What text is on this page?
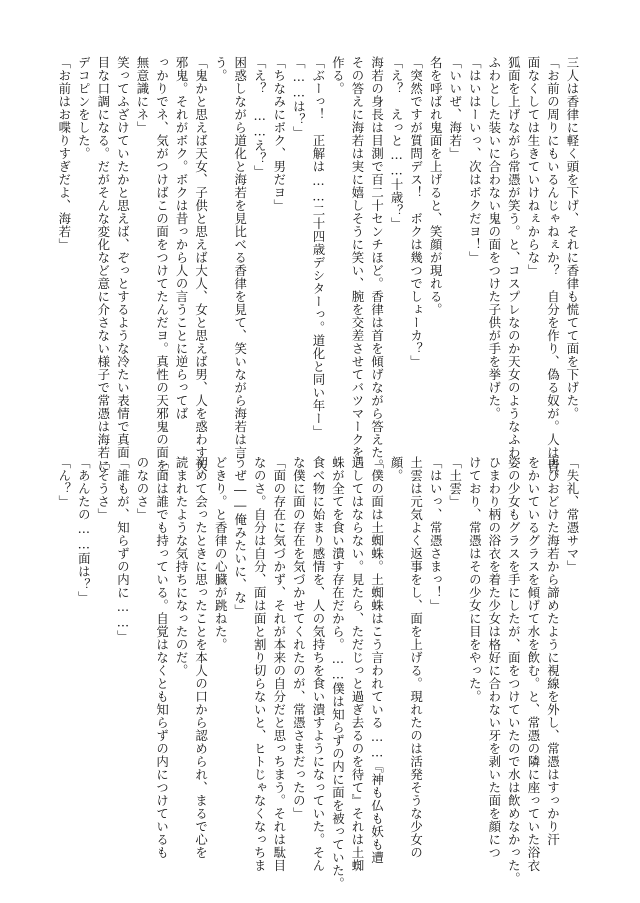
三人は香律に軽く頭を下げ、それに香律も慌てて面を下げた。

「お前の周りにもいるんじゃねぇか？　自分を作り、偽る奴が。人は皆、

面なくしては生きていけねぇからな」

狐面を上げながら常憑が笑う。と、コスプレなのか天女のようなふわ

ふわとした装いに合わない鬼の面をつけた子供が手を挙げた。

「はいはーいっ、次はボクだヨ！」

「いいぜ、海若」

名を呼ばれ鬼面を上げると、笑顔が現れる。

「突然ですが質問デス！　ボクは幾つでしょーカ？」

「え？　えっと……十歳？」

海若の身長は目測で百二十センチほど。香律は首を傾げながら答えた。

その答えに海若は実に嬉しそうに笑い、腕を交差させてバツマークを

作る。

「ぶーっ！　正解は……二十四歳デシターっ。道化と同い年ー」

「……は？」

「ちなみにボク、男だヨ」

「え？　……え？」

困惑しながら道化と海若を見比べる香律を見て、笑いながら海若は言

う。

「鬼かと思えば天女、子供と思えば大人、女と思えば男、人を惑わす天

邪鬼。それがボク。ボクは昔っから人の言うことに逆らってば

っかりでネ、気がつけばこの面をつけてたんだヨ。真性の天邪鬼の面を、

無意識にネ」

笑ってふざけていたかと思えば、ぞっとするような冷たい表情で真面

目な口調になる。だがそんな変化など意に介さない様子で常憑は海若に

デコピンをした。

「お前はお喋りすぎだよ、海若」

「失礼、常憑サマ」

再びおどけた海若から諦めたように視線を外し、常憑はすっかり汗

をかいているグラスを傾げて水を飲む。と、常憑の隣に座っていた浴衣

姿の少女もグラスを手にしたが、面をつけていたので水は飲めなかった。

ひまわり柄の浴衣を着た少女は格好に合わない牙を剥いた面を顔につ

けており、常憑はその少女に目をやった。

「土雲」

「はいっ、常憑さまっ！」

土雲は元気よく返事をし、面を上げる。現れたのは活発そうな少女の

顔。

「僕の面は土蜘蛛。土蜘蛛はこう言われている……『神も仏も妖も遭

遇してはならない。見たら、ただじっと過ぎ去るのを待て』それは土蜘

蛛が全てを食い潰す存在だから。……僕は知らずの内に面を被っていた。

食べ物に始まり感情を、人の気持ちを食い潰すようになっていた。そん

な僕に面の存在を気づかせてくれたのが、常憑さまだったの」

「面の存在に気づかず、それが本来の自分だと思っちまう。それは駄目

なのさ。自分は自分、面は面と割り切らないと、ヒトじゃなくなっちま

うぜ――俺みたいに、な」

どきり。と香律の心臓が跳ねた。

初めて会ったときに思ったことを本人の口から認められ、まるで心を

読まれたような気持ちになったのだ。

「面は誰でも持っている。自覚はなくとも知らずの内につけているも

のなのさ」

「誰もが、知らずの内に……」

「そうさ」

「あんたの……面は？」

「ん？」
